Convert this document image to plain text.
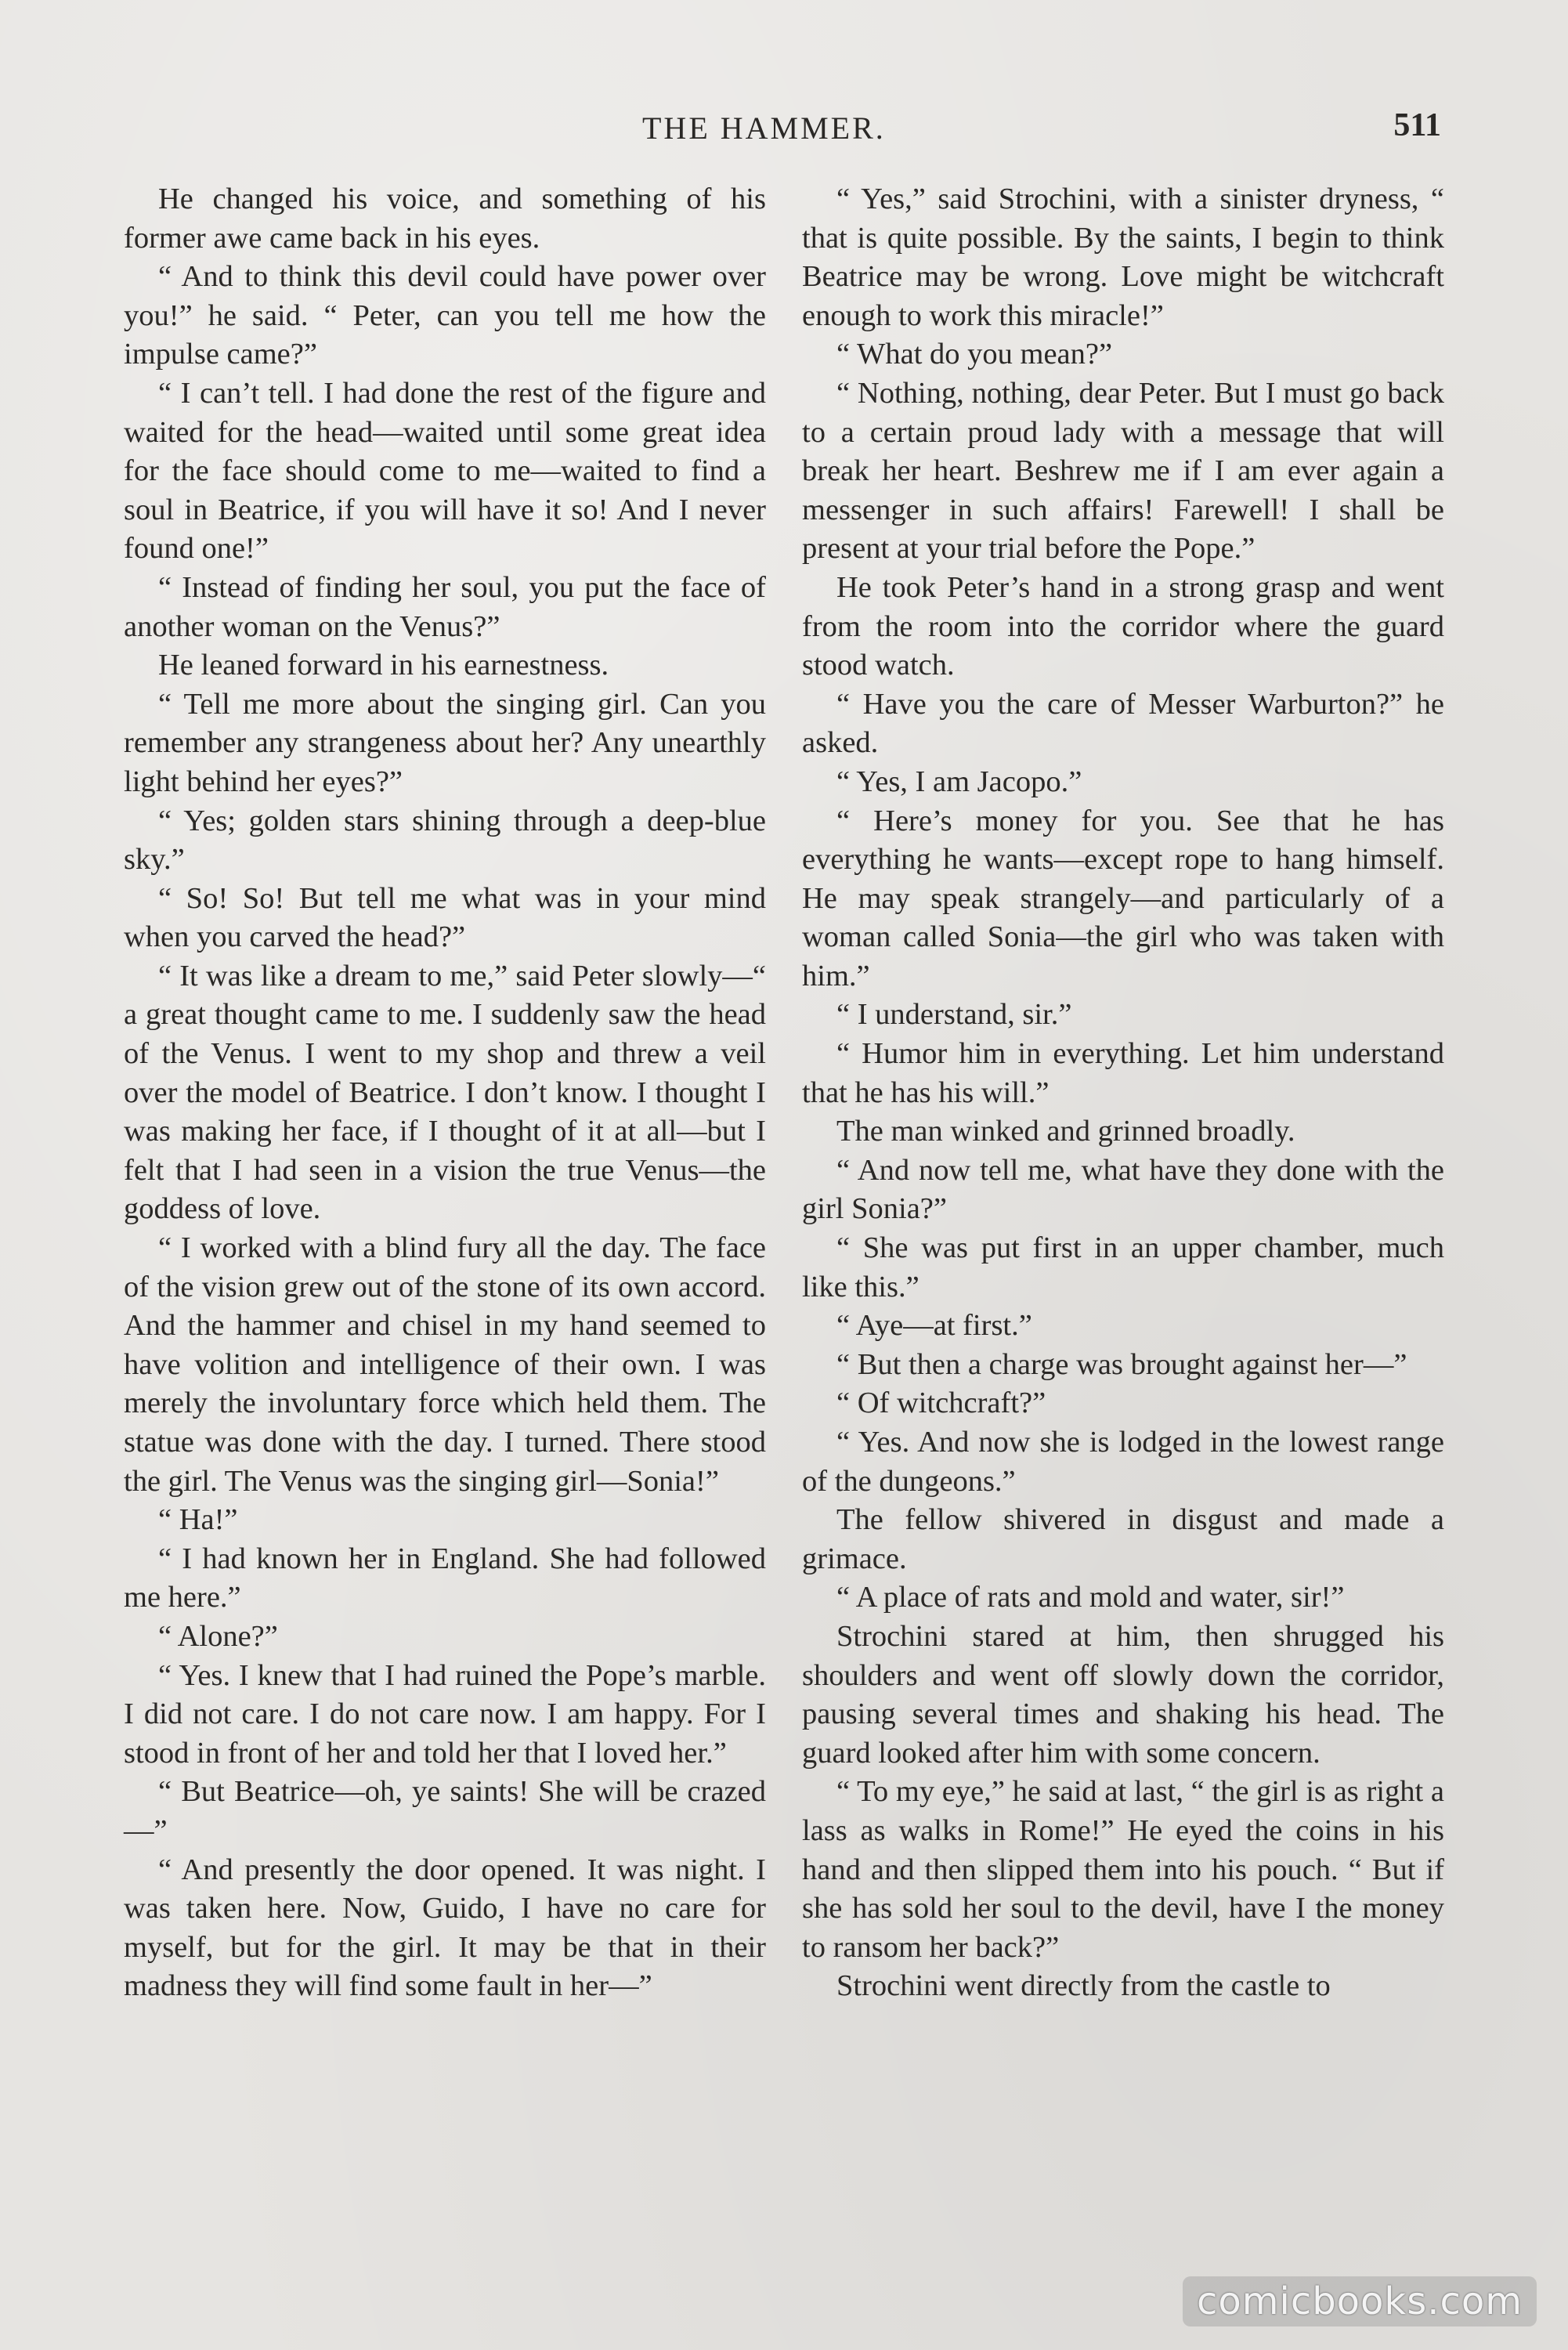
THE HAMMER.	511

He changed his voice, and something of his former awe came back in his eyes.

“ And to think this devil could have power over you!” he said. “ Peter, can you tell me how the impulse came?”

“ I can’t tell. I had done the rest of the figure and waited for the head—waited until some great idea for the face should come to me—waited to find a soul in Beatrice, if you will have it so! And I never found one!”

“ Instead of finding her soul, you put the face of another woman on the Venus?”

He leaned forward in his earnestness.

“ Tell me more about the singing girl. Can you remember any strangeness about her? Any unearthly light behind her eyes?”

“ Yes; golden stars shining through a deep-blue sky.”

“ So! So! But tell me what was in your mind when you carved the head?”

“ It was like a dream to me,” said Peter slowly—“ a great thought came to me. I suddenly saw the head of the Venus. I went to my shop and threw a veil over the model of Beatrice. I don’t know. I thought I was making her face, if I thought of it at all—but I felt that I had seen in a vision the true Venus—the goddess of love.

“ I worked with a blind fury all the day. The face of the vision grew out of the stone of its own accord. And the hammer and chisel in my hand seemed to have volition and intelligence of their own. I was merely the involuntary force which held them. The statue was done with the day. I turned. There stood the girl. The Venus was the singing girl—Sonia!”

“ Ha!”

“ I had known her in England. She had followed me here.”

“ Alone?”

“ Yes. I knew that I had ruined the Pope’s marble. I did not care. I do not care now. I am happy. For I stood in front of her and told her that I loved her.”

“ But Beatrice—oh, ye saints! She will be crazed—”

“ And presently the door opened. It was night. I was taken here. Now, Guido, I have no care for myself, but for the girl. It may be that in their madness they will find some fault in her—”

“ Yes,” said Strochini, with a sinister dryness, “ that is quite possible. By the saints, I begin to think Beatrice may be wrong. Love might be witchcraft enough to work this miracle!”

“ What do you mean?”

“ Nothing, nothing, dear Peter. But I must go back to a certain proud lady with a message that will break her heart. Beshrew me if I am ever again a messenger in such affairs! Farewell! I shall be present at your trial before the Pope.”

He took Peter’s hand in a strong grasp and went from the room into the corridor where the guard stood watch.

“ Have you the care of Messer Warburton?” he asked.

“ Yes, I am Jacopo.”

“ Here’s money for you. See that he has everything he wants—except rope to hang himself. He may speak strangely—and particularly of a woman called Sonia—the girl who was taken with him.”

“ I understand, sir.”

“ Humor him in everything. Let him understand that he has his will.”

The man winked and grinned broadly.

“ And now tell me, what have they done with the girl Sonia?”

“ She was put first in an upper chamber, much like this.”

“ Aye—at first.”

“ But then a charge was brought against her—”

“ Of witchcraft?”

“ Yes. And now she is lodged in the lowest range of the dungeons.”

The fellow shivered in disgust and made a grimace.

“ A place of rats and mold and water, sir!”

Strochini stared at him, then shrugged his shoulders and went off slowly down the corridor, pausing several times and shaking his head. The guard looked after him with some concern.

“ To my eye,” he said at last, “ the girl is as right a lass as walks in Rome!” He eyed the coins in his hand and then slipped them into his pouch. “ But if she has sold her soul to the devil, have I the money to ransom her back?”

Strochini went directly from the castle to

comicbooks.com
